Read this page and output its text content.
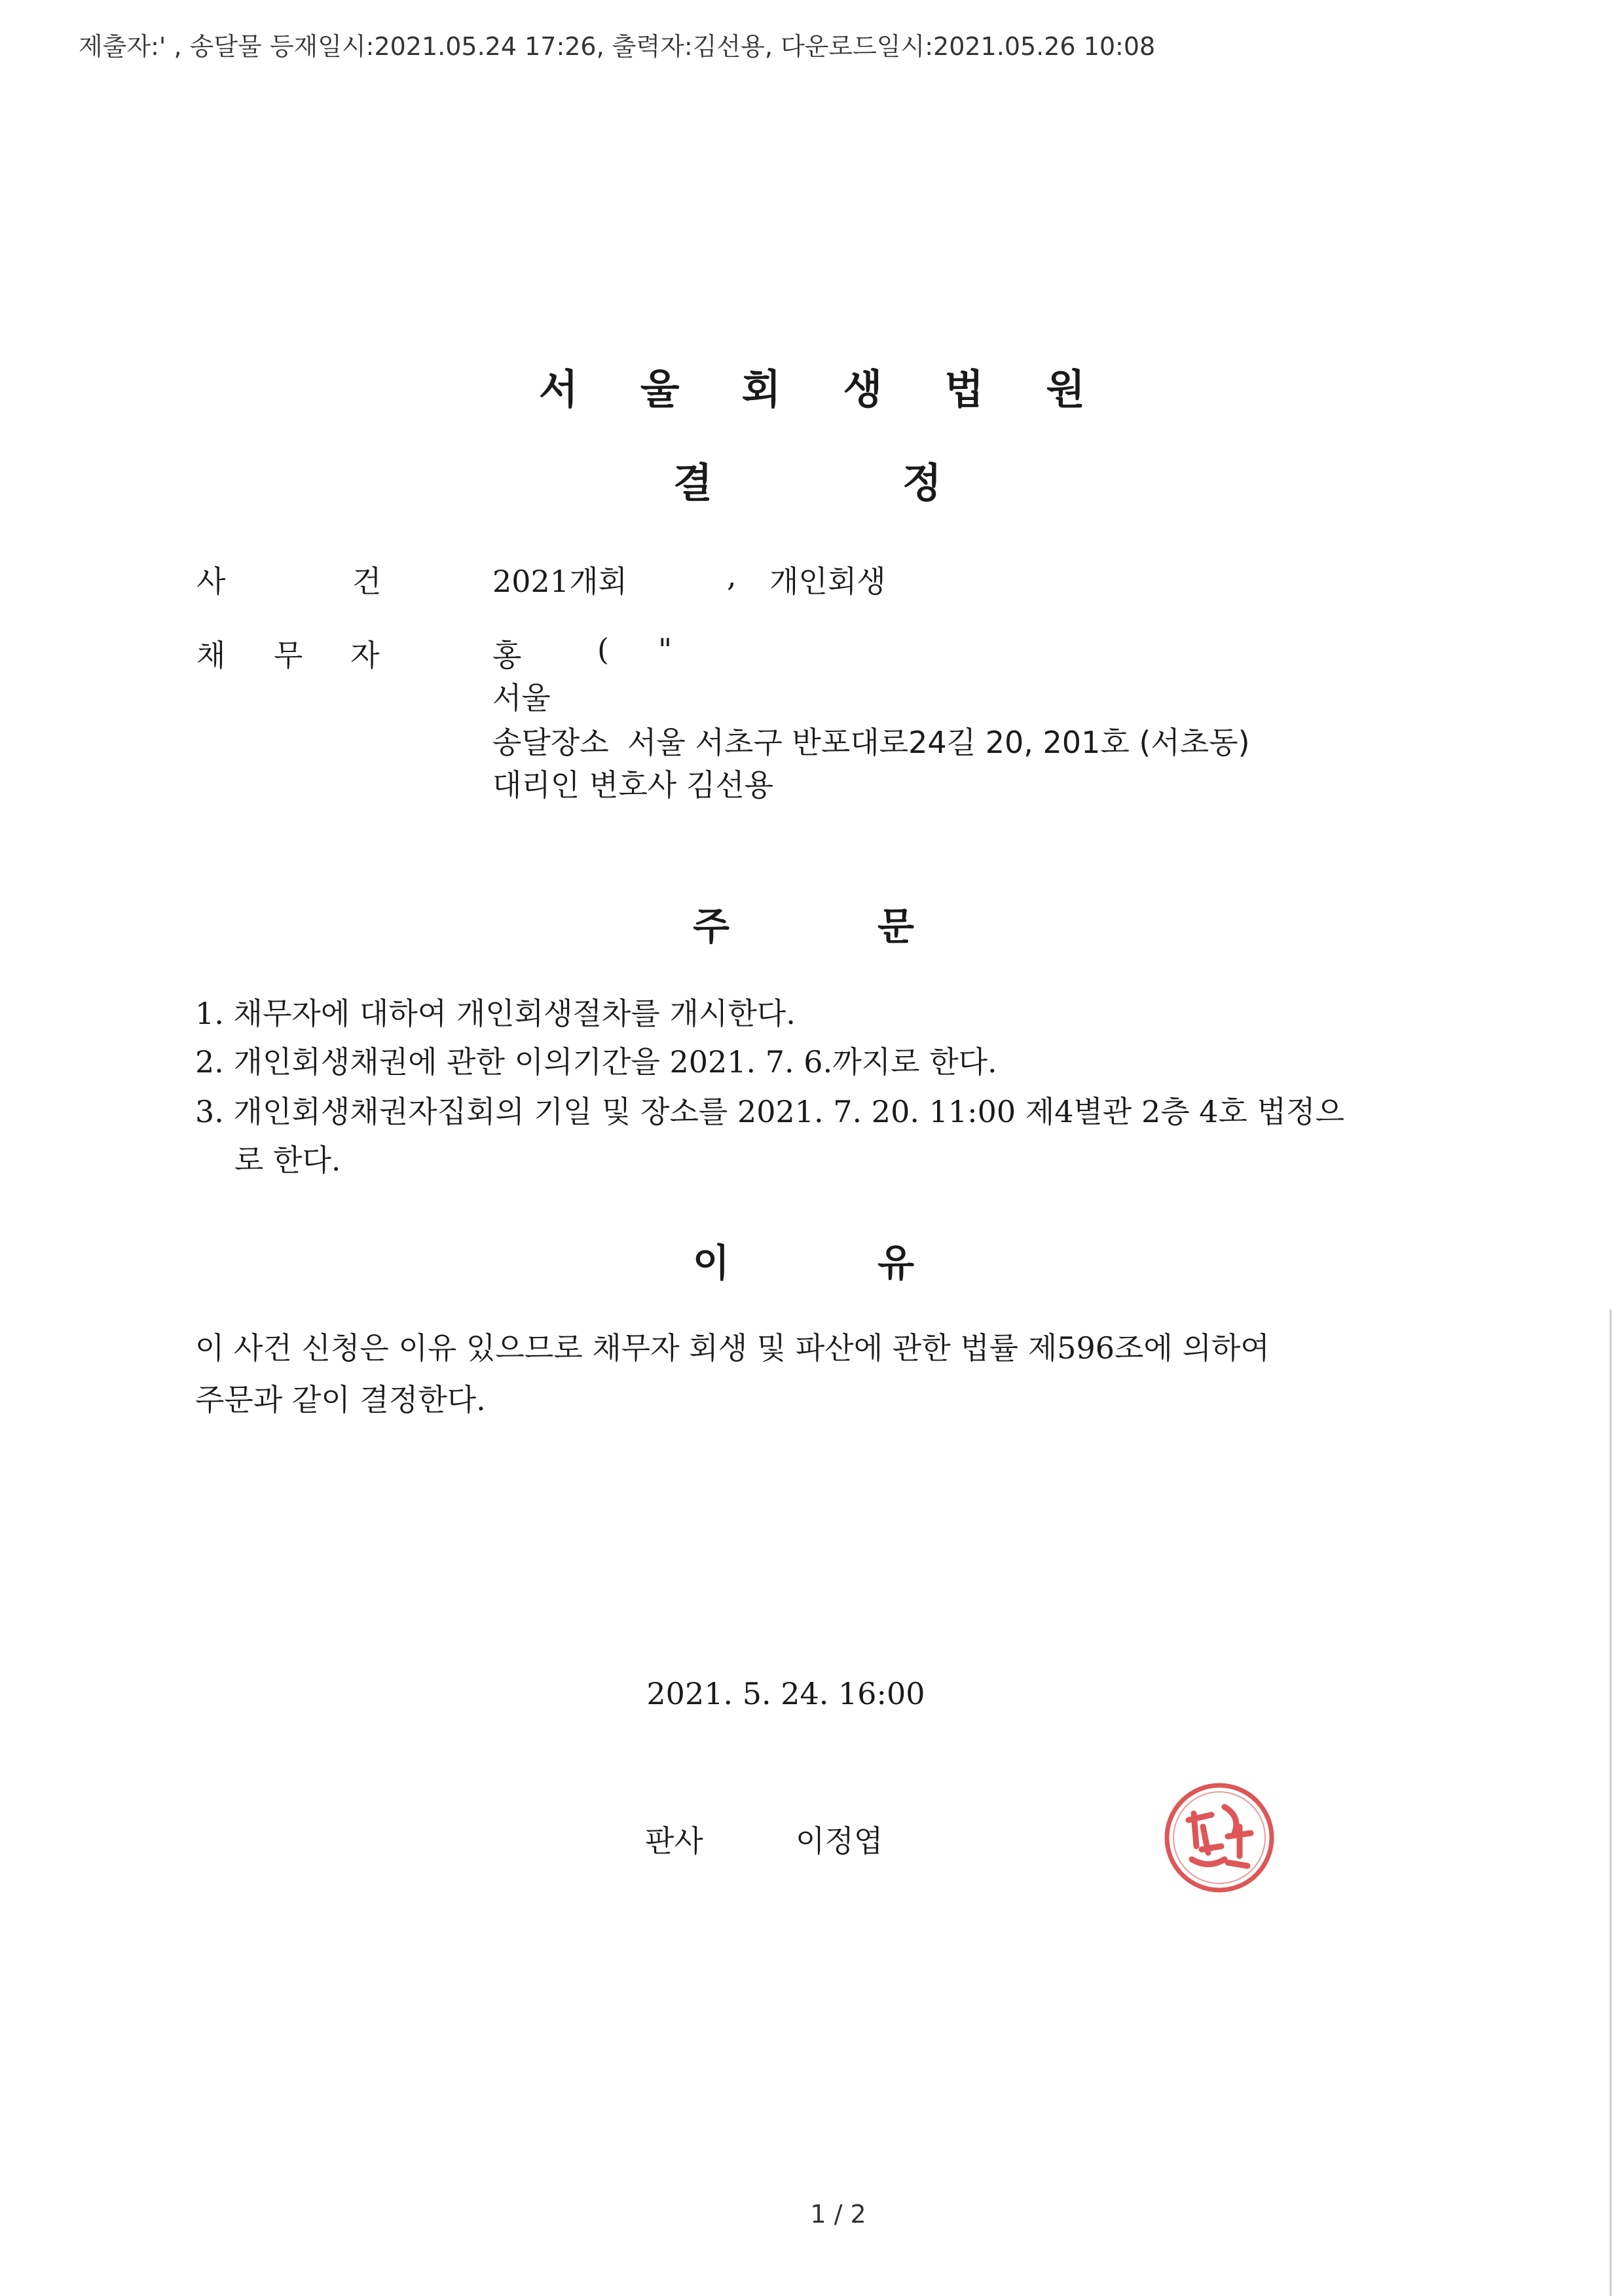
제출자:' , 송달물 등재일시:2021.05.24 17:26, 출력자:김선용, 다운로드일시:2021.05.26 10:08
서울회생법원
결	정
사	건	2021개회	, 개인회생
채 무 자	홍	( "
서울
송달장소 서울 서초구 반포대로24길 20, 201호 (서초동)
대리인 변호사 김선용
주	문
1. 채무자에 대하여 개인회생절차를 개시한다.
2. 개인회생채권에 관한 이의기간을 2021. 7. 6.까지로 한다.
3. 개인회생채권자집회의 기일 및 장소를 2021. 7. 20. 11:00 제4별관 2층 4호 법정으
로 한다.
이	유
이 사건 신청은 이유 있으므로 채무자 회생 및 파산에 관한 법률 제596조에 의하여
주문과 같이 결정한다.
2021. 5. 24. 16:00
판사	이정엽
1 / 2
